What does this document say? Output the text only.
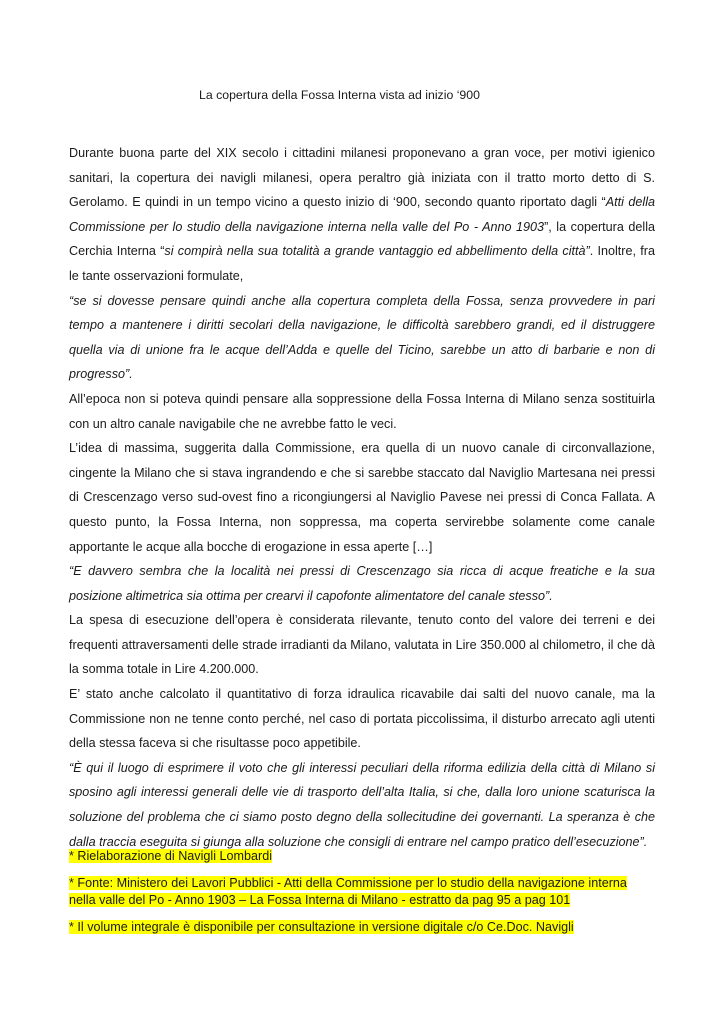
La copertura della Fossa Interna vista ad inizio ‘900

Durante buona parte del XIX secolo i cittadini milanesi proponevano a gran voce, per motivi igienico sanitari, la copertura dei navigli milanesi, opera peraltro già iniziata con il tratto morto detto di S. Gerolamo. E quindi in un tempo vicino a questo inizio di ‘900, secondo quanto riportato dagli “Atti della Commissione per lo studio della navigazione interna nella valle del Po - Anno 1903”, la copertura della Cerchia Interna “si compirà nella sua totalità a grande vantaggio ed abbellimento della città”. Inoltre, fra le tante osservazioni formulate,

“se si dovesse pensare quindi anche alla copertura completa della Fossa, senza provvedere in pari tempo a mantenere i diritti secolari della navigazione, le difficoltà sarebbero grandi, ed il distruggere quella via di unione fra le acque dell’Adda e quelle del Ticino, sarebbe un atto di barbarie e non di progresso”.

All’epoca non si poteva quindi pensare alla soppressione della Fossa Interna di Milano senza sostituirla con un altro canale navigabile che ne avrebbe fatto le veci.

L’idea di massima, suggerita dalla Commissione, era quella di un nuovo canale di circonvallazione, cingente la Milano che si stava ingrandendo e che si sarebbe staccato dal Naviglio Martesana nei pressi di Crescenzago verso sud-ovest fino a ricongiungersi al Naviglio Pavese nei pressi di Conca Fallata. A questo punto, la Fossa Interna, non soppressa, ma coperta servirebbe solamente come canale apportante le acque alla bocche di erogazione in essa aperte […]

“E davvero sembra che la località nei pressi di Crescenzago sia ricca di acque freatiche e la sua posizione altimetrica sia ottima per crearvi il capofonte alimentatore del canale stesso”.

La spesa di esecuzione dell’opera è considerata rilevante, tenuto conto del valore dei terreni e dei frequenti attraversamenti delle strade irradianti da Milano, valutata in Lire 350.000 al chilometro, il che dà la somma totale in Lire 4.200.000.

E’ stato anche calcolato il quantitativo di forza idraulica ricavabile dai salti del nuovo canale, ma la Commissione non ne tenne conto perché, nel caso di portata piccolissima, il disturbo arrecato agli utenti della stessa faceva si che risultasse poco appetibile.

“È qui il luogo di esprimere il voto che gli interessi peculiari della riforma edilizia della città di Milano si sposino agli interessi generali delle vie di trasporto dell’alta Italia, si che, dalla loro unione scaturisca la soluzione del problema che ci siamo posto degno della sollecitudine dei governanti. La speranza è che dalla traccia eseguita si giunga alla soluzione che consigli di entrare nel campo pratico dell’esecuzione”.

* Rielaborazione di Navigli Lombardi

* Fonte: Ministero dei Lavori Pubblici - Atti della Commissione per lo studio della navigazione interna nella valle del Po - Anno 1903 – La Fossa Interna di Milano - estratto da pag 95 a pag 101

* Il volume integrale è disponibile per consultazione in versione digitale c/o Ce.Doc. Navigli
